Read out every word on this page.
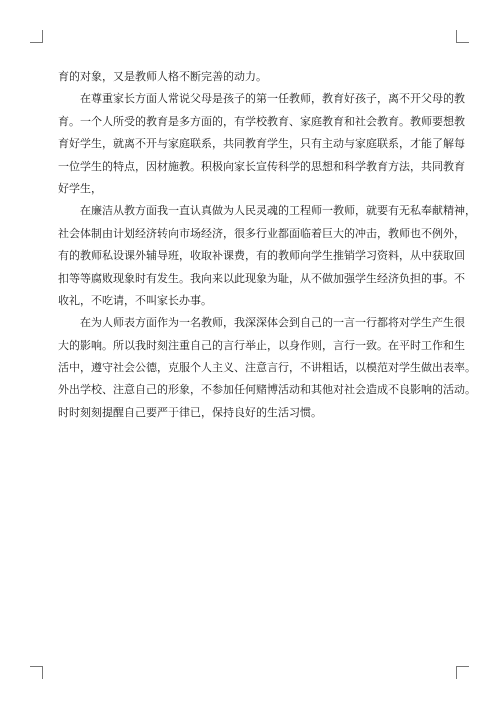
育的对象，又是教师人格不断完善的动力。
在尊重家长方面人常说父母是孩子的第一任教师，教育好孩子，离不开父母的教
育。一个人所受的教育是多方面的，有学校教育、家庭教育和社会教育。教师要想教
育好学生，就离不开与家庭联系，共同教育学生，只有主动与家庭联系，才能了解每
一位学生的特点，因材施教。积极向家长宣传科学的思想和科学教育方法，共同教育
好学生，
在廉洁从教方面我一直认真做为人民灵魂的工程师一教师，就要有无私奉献精神，
社会体制由计划经济转向市场经济，很多行业都面临着巨大的冲击，教师也不例外，
有的教师私设课外辅导班，收取补课费，有的教师向学生推销学习资料，从中获取回
扣等等腐败现象时有发生。我向来以此现象为耻，从不做加强学生经济负担的事。不
收礼，不吃请，不叫家长办事。
在为人师表方面作为一名教师，我深深体会到自己的一言一行都将对学生产生很
大的影响。所以我时刻注重自己的言行举止，以身作则，言行一致。在平时工作和生
活中，遵守社会公德，克服个人主义、注意言行，不讲粗话，以模范对学生做出表率。
外出学校、注意自己的形象，不参加任何赌博活动和其他对社会造成不良影响的活动。
时时刻刻提醒自己要严于律已，保持良好的生活习惯。
